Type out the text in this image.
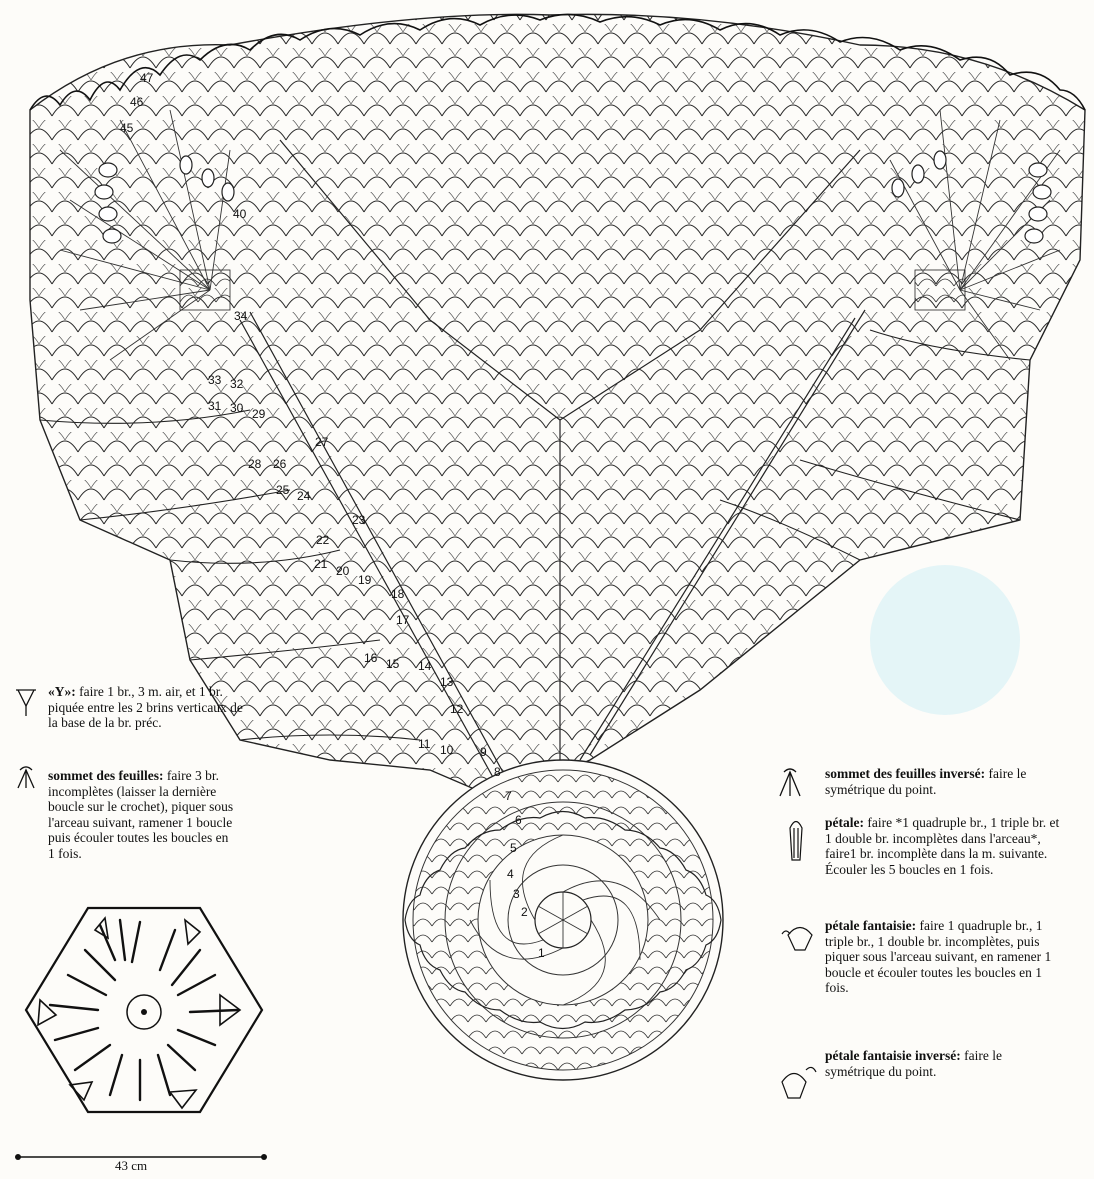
47
46
45
40
34
33 32
31 30 29
28
27
26
25 24
23
22
21 20
19
18
17
16 15 14
13
12
11 10 9
8
7
6
5
4
3
2
1
«Y»: faire 1 br., 3 m. air, et 1 br. piquée entre les 2 brins verticaux de la base de la br. préc.
sommet des feuilles: faire 3 br. incomplètes (laisser la dernière boucle sur le crochet), piquer sous l'arceau suivant, ramener 1 boucle puis écouler toutes les boucles en 1 fois.
sommet des feuilles inversé: faire le symétrique du point.
pétale: faire *1 quadruple br., 1 triple br. et 1 double br. incomplètes dans l'arceau*, faire1 br. incomplète dans la m. suivante. Écouler les 5 boucles en 1 fois.
pétale fantaisie: faire 1 quadruple br., 1 triple br., 1 double br. incomplètes, puis piquer sous l'arceau suivant, en ramener 1 boucle et écouler toutes les boucles en 1 fois.
pétale fantaisie inversé: faire le symétrique du point.
43 cm
